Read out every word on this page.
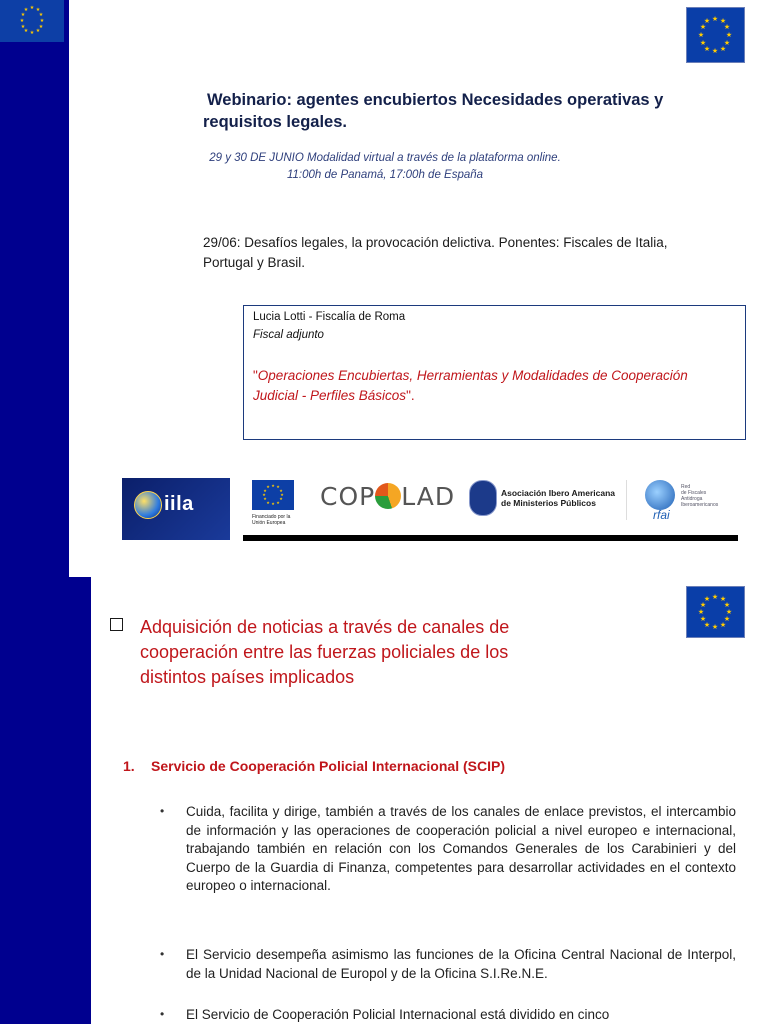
★ ★
★
★
★
★
★
★
★
★
★
★
★ ★
★
★
★
★
★
★
★
★
★
★
Webinario: agentes encubiertos Necesidades operativas y
requisitos legales.
29 y 30 DE JUNIO Modalidad virtual a través de la plataforma online.
11:00h de Panamá, 17:00h de España
29/06: Desafíos legales, la provocación delictiva. Ponentes: Fiscales de Italia, Portugal y Brasil.
Lucia Lotti - Fiscalía de Roma
Fiscal adjunto
"Operaciones Encubiertas, Herramientas y Modalidades de Cooperación Judicial - Perfiles Básicos".
iila
★ ★
★
★
★
★
★
★
★
★
★
★
Financiado por la Unión Europea
COP LAD	Asociación Ibero Americana
de Ministerios Públicos
rfai
Red
de Fiscales
Antidroga
Iberoamericanos
★ ★
★
★
★
★
★
★
★
★
★
★
Adquisición de noticias a través de canales de cooperación entre las fuerzas policiales de los distintos países implicados
1. Servicio de Cooperación Policial Internacional (SCIP)
• Cuida, facilita y dirige, también a través de los canales de enlace previstos, el intercambio de información y las operaciones de cooperación policial a nivel europeo e internacional, trabajando también en relación con los Comandos Generales de los Carabinieri y del Cuerpo de la Guardia di Finanza, competentes para desarrollar actividades en el contexto europeo o internacional.
• El Servicio desempeña asimismo las funciones de la Oficina Central Nacional de Interpol, de la Unidad Nacional de Europol y de la Oficina S.I.Re.N.E.
• El Servicio de Cooperación Policial Internacional está dividido en cinco
